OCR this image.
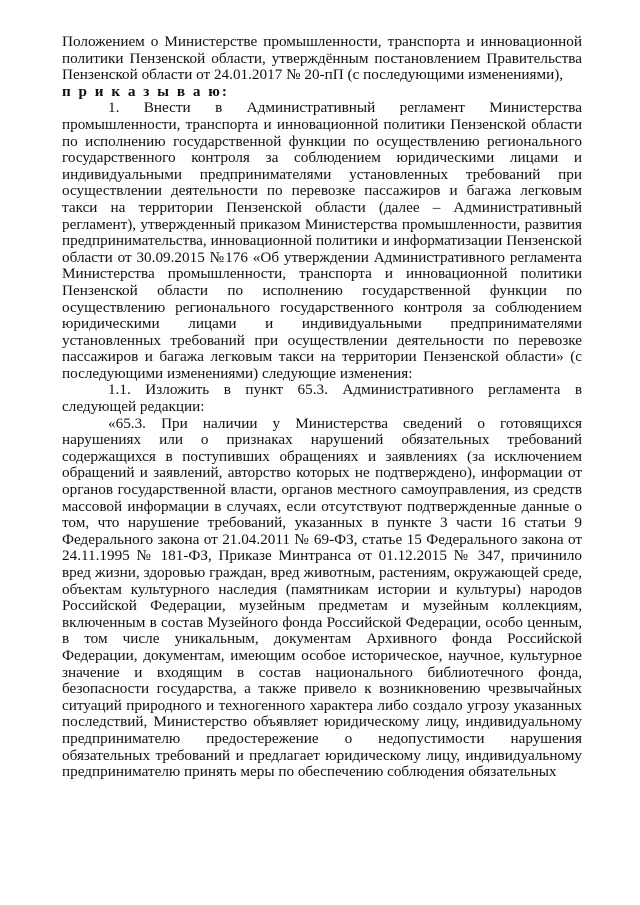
Положением о Министерстве промышленности, транспорта и инновационной политики Пензенской области, утверждённым постановлением Правительства Пензенской области от 24.01.2017 № 20-пП (с последующими изменениями),

п р и к а з ы в а ю:

1. Внести в Административный регламент Министерства промышленности, транспорта и инновационной политики Пензенской области по исполнению государственной функции по осуществлению регионального государственного контроля за соблюдением юридическими лицами и индивидуальными предпринимателями установленных требований при осуществлении деятельности по перевозке пассажиров и багажа легковым такси на территории Пензенской области (далее – Административный регламент), утвержденный приказом Министерства промышленности, развития предпринимательства, инновационной политики и информатизации Пензенской области от 30.09.2015 №176 «Об утверждении Административного регламента Министерства промышленности, транспорта и инновационной политики Пензенской области по исполнению государственной функции по осуществлению регионального государственного контроля за соблюдением юридическими лицами и индивидуальными предпринимателями установленных требований при осуществлении деятельности по перевозке пассажиров и багажа легковым такси на территории Пензенской области» (с последующими изменениями) следующие изменения:

1.1. Изложить в пункт 65.3. Административного регламента в следующей редакции:

«65.3. При наличии у Министерства сведений о готовящихся нарушениях или о признаках нарушений обязательных требований содержащихся в поступивших обращениях и заявлениях (за исключением обращений и заявлений, авторство которых не подтверждено), информации от органов государственной власти, органов местного самоуправления, из средств массовой информации в случаях, если отсутствуют подтвержденные данные о том, что нарушение требований, указанных в пункте 3 части 16 статьи 9 Федерального закона от 21.04.2011 № 69-ФЗ, статье 15 Федерального закона от 24.11.1995 № 181-ФЗ, Приказе Минтранса от 01.12.2015 № 347, причинило вред жизни, здоровью граждан, вред животным, растениям, окружающей среде, объектам культурного наследия (памятникам истории и культуры) народов Российской Федерации, музейным предметам и музейным коллекциям, включенным в состав Музейного фонда Российской Федерации, особо ценным, в том числе уникальным, документам Архивного фонда Российской Федерации, документам, имеющим особое историческое, научное, культурное значение и входящим в состав национального библиотечного фонда, безопасности государства, а также привело к возникновению чрезвычайных ситуаций природного и техногенного характера либо создало угрозу указанных последствий, Министерство объявляет юридическому лицу, индивидуальному предпринимателю предостережение о недопустимости нарушения обязательных требований и предлагает юридическому лицу, индивидуальному предпринимателю принять меры по обеспечению соблюдения обязательных
